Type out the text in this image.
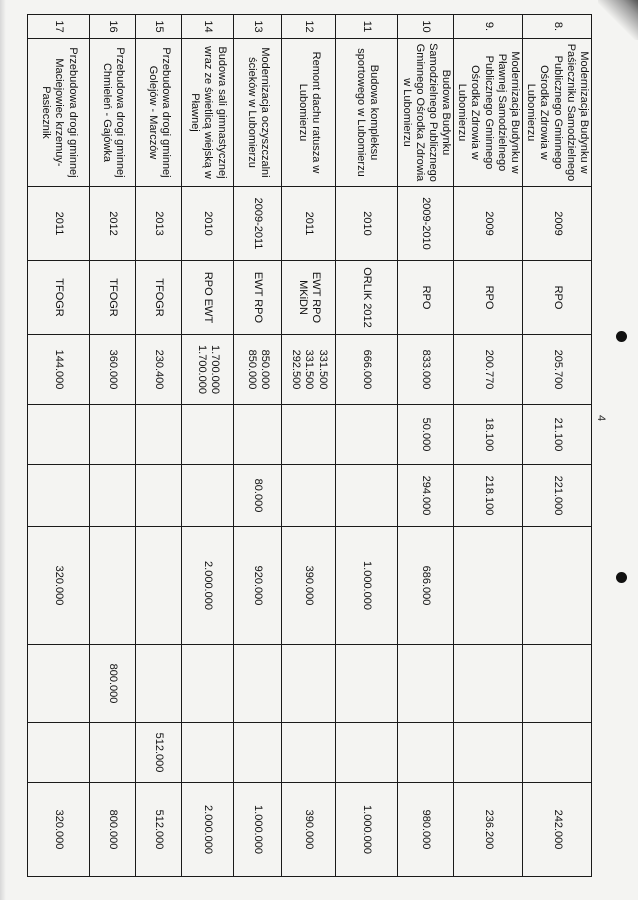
4
8.	Modernizacja Budynku w Paśieczniku Samodzielnego Publicznego Gminnego Ośrodka Zdrowia w Lubomierzu	2009	RPO	205.700	21.100	221.000				242.000
9.	Modernizacja Budynku w Pławnej Samodzielnego Publicznego Gminnego Ośrodka Zdrowia w Lubomierzu	2009	RPO	200.770	18.100	218.100				236.200
10	Budowa Budynku Samodzielnego Publicznego Gminnego Ośrodka Zdrowia w Lubomierzu	2009-2010	RPO	833.000	50.000	294.000	686.000			980.000
11	Budowa kompleksu sportowego w Lubomierzu	2010	ORLIK 2012	666.000			1.000.000			1.000.000
12	Remont dachu ratusza w Lubomierzu	2011	EWT RPO MKiDN	331.500 331.500 292.500			390.000			390.000
13	Modernizacja oczyszczalni ścieków w Lubomierzu	2009-2011	EWT RPO	850.000 850.000		80.000	920.000			1.000.000
14	Budowa sali gimnastycznej wraz ze świetlicą wiejską w Pławnej	2010	RPO EWT	1.700.000 1.700.000			2.000.000			2.000.000
15	Przebudowa drogi gminnej Golejów - Marczów	2013	TFOGR	230.400					512.000	512.000
16	Przebudowa drogi gminnej Chmieleń - Gajówka	2012	TFOGR	360.000				800.000		800.000
17	Przebudowa drogi gminnej Maciejowiec krzemuy-Pasiecznik	2011	TFOGR	144.000			320.000			320.000
